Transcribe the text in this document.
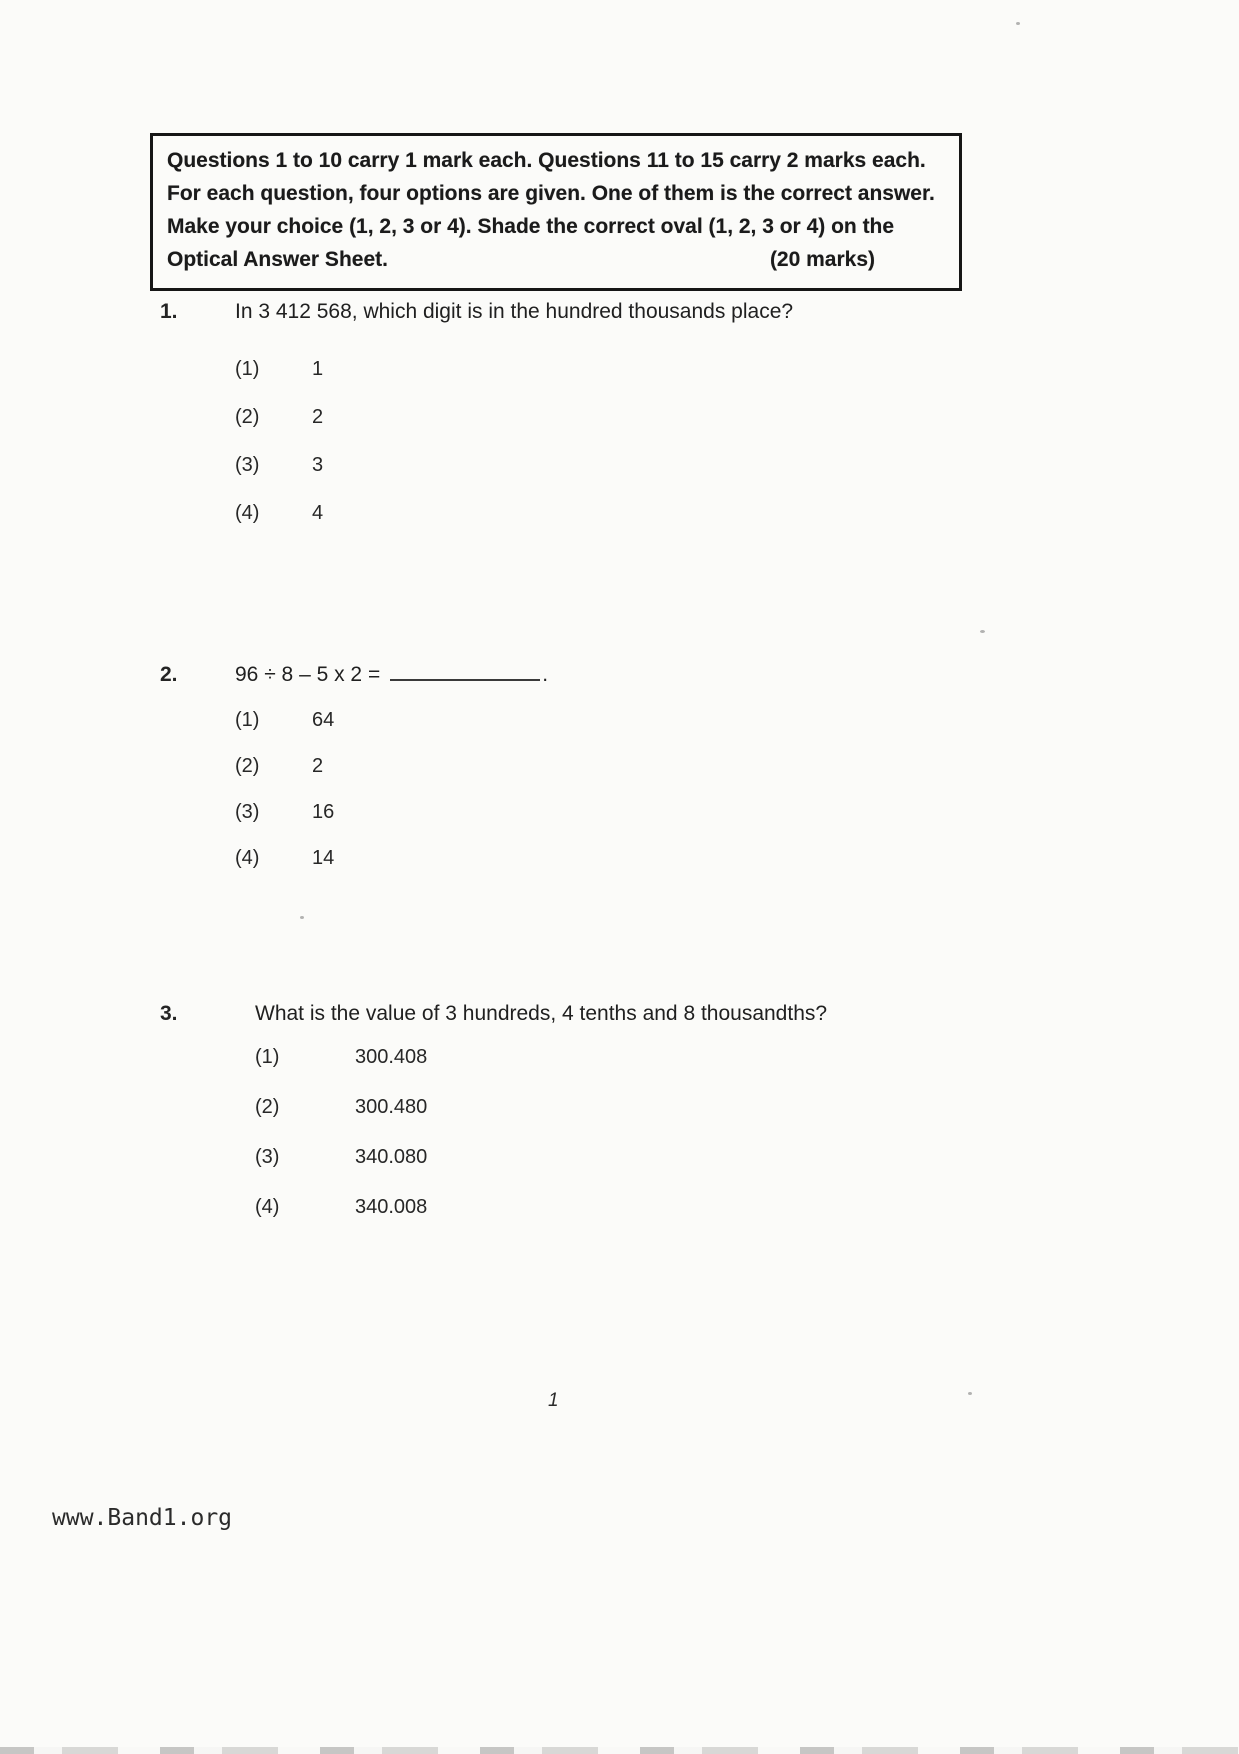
Questions 1 to 10 carry 1 mark each. Questions 11 to 15 carry 2 marks each.
For each question, four options are given. One of them is the correct answer.
Make your choice (1, 2, 3 or 4). Shade the correct oval (1, 2, 3 or 4) on the
Optical Answer Sheet.	(20 marks)
1.	In 3 412 568, which digit is in the hundred thousands place?
(1)	1
(2)	2
(3)	3
(4)	4
2.	96 ÷ 8 – 5 x 2 =	.
(1)	64
(2)	2
(3)	16
(4)	14
3.	What is the value of 3 hundreds, 4 tenths and 8 thousandths?
(1)	300.408
(2)	300.480
(3)	340.080
(4)	340.008
1
www.Band1.org
